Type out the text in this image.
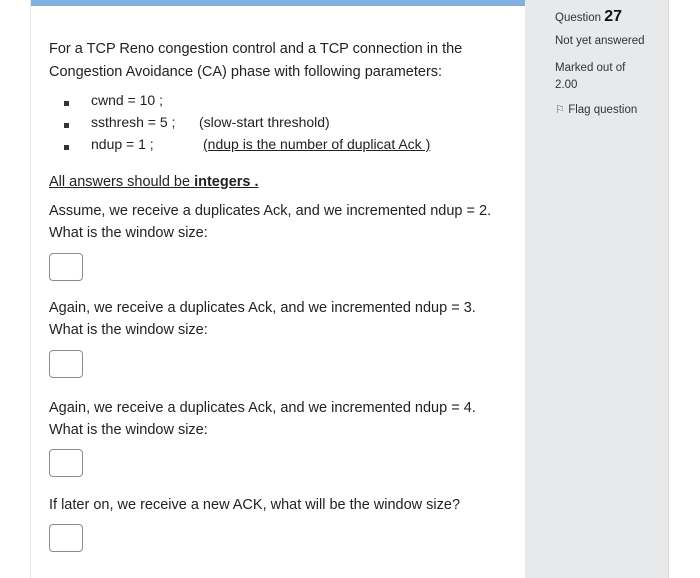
For a TCP Reno congestion control and a TCP connection in the
Congestion Avoidance (CA) phase with following parameters:
cwnd = 10 ;
ssthresh = 5 ; (slow-start threshold)
ndup = 1 ;	(ndup is the number of duplicat Ack )
All answers should be integers .
Assume, we receive a duplicates Ack, and we incremented ndup = 2.
What is the window size:
Again, we receive a duplicates Ack, and we incremented ndup = 3.
What is the window size:
Again, we receive a duplicates Ack, and we incremented ndup = 4.
What is the window size:
If later on, we receive a new ACK, what will be the window size?
Question 27
Not yet answered
Marked out of
2.00
⚐ Flag question
